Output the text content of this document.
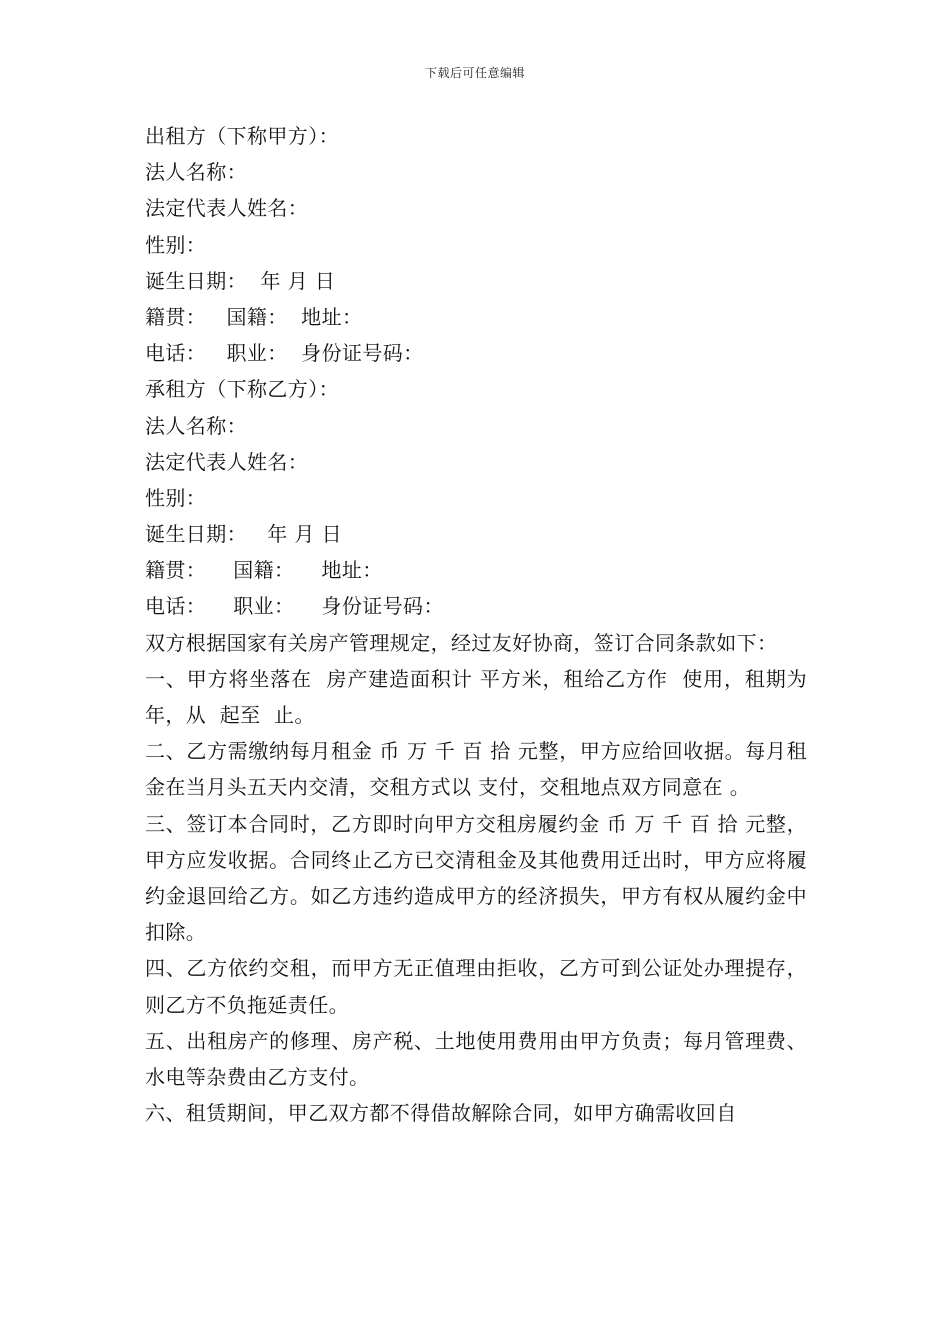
下载后可任意编辑
出租方（下称甲方）：
法人名称：
法定代表人姓名：
性别：
诞生日期：  年 月 日
籍贯：   国籍：  地址：
电话：   职业：  身份证号码：
承租方（下称乙方）：
法人名称：
法定代表人姓名：
性别：
诞生日期：   年 月 日
籍贯：    国籍：    地址：
电话：    职业：    身份证号码：
双方根据国家有关房产管理规定，经过友好协商，签订合同条款如下：
一、甲方将坐落在  房产建造面积计 平方米，租给乙方作  使用，租期为 年，从  起至  止。
二、乙方需缴纳每月租金 币 万 千 百 拾 元整，甲方应给回收据。每月租金在当月头五天内交清，交租方式以 支付，交租地点双方同意在 。
三、签订本合同时，乙方即时向甲方交租房履约金 币 万 千 百 拾 元整，甲方应发收据。合同终止乙方已交清租金及其他费用迁出时，甲方应将履约金退回给乙方。如乙方违约造成甲方的经济损失，甲方有权从履约金中扣除。
四、乙方依约交租，而甲方无正值理由拒收，乙方可到公证处办理提存，则乙方不负拖延责任。
五、出租房产的修理、房产税、土地使用费用由甲方负责；每月管理费、水电等杂费由乙方支付。
六、租赁期间，甲乙双方都不得借故解除合同，如甲方确需收回自
